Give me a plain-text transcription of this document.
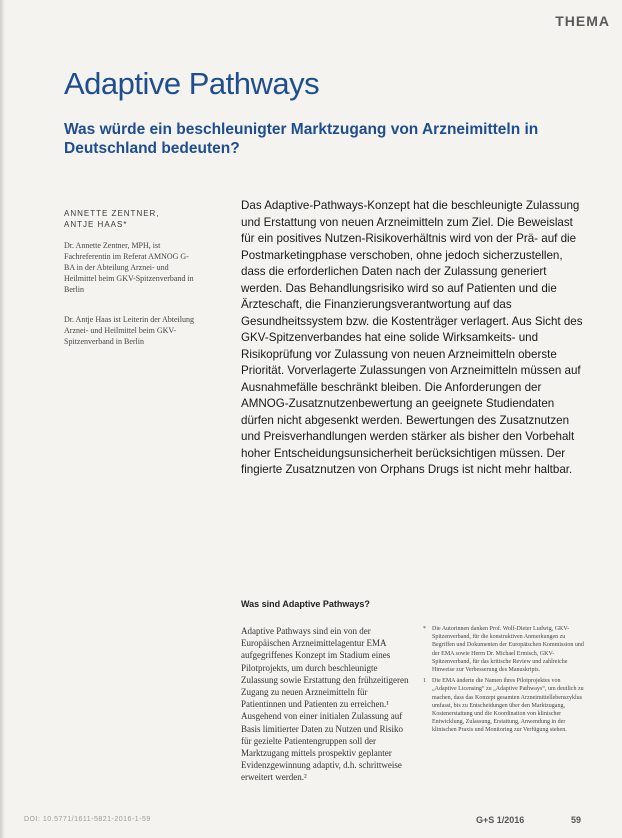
THEMA
Adaptive Pathways
Was würde ein beschleunigter Marktzugang von Arzneimitteln in Deutschland bedeuten?
ANNETTE ZENTNER,
ANTJE HAAS*

Dr. Annette Zentner, MPH, ist Fachreferentin im Referat AMNOG G-BA in der Abteilung Arznei- und Heilmittel beim GKV-Spitzenverband in Berlin

Dr. Antje Haas ist Leiterin der Abteilung Arznei- und Heilmittel beim GKV-Spitzenverband in Berlin

Das Adaptive-Pathways-Konzept hat die beschleunigte Zulassung und Erstattung von neuen Arzneimitteln zum Ziel. Die Beweislast für ein positives Nutzen-Risikoverhältnis wird von der Prä- auf die Postmarketingphase verschoben, ohne jedoch sicherzustellen, dass die erforderlichen Daten nach der Zulassung generiert werden. Das Behandlungsrisiko wird so auf Patienten und die Ärzteschaft, die Finanzierungsverantwortung auf das Gesundheitssystem bzw. die Kostenträger verlagert. Aus Sicht des GKV-Spitzenverbandes hat eine solide Wirksamkeits- und Risikoprüfung vor Zulassung von neuen Arzneimitteln oberste Priorität. Vorverlagerte Zulassungen von Arzneimitteln müssen auf Ausnahmefälle beschränkt bleiben. Die Anforderungen der AMNOG-Zusatznutzenbewertung an geeignete Studiendaten dürfen nicht abgesenkt werden. Bewertungen des Zusatznutzen und Preisverhandlungen werden stärker als bisher den Vorbehalt hoher Entscheidungsunsicherheit berücksichtigen müssen. Der fingierte Zusatznutzen von Orphans Drugs ist nicht mehr haltbar.

Was sind Adaptive Pathways?

Adaptive Pathways sind ein von der Europäischen Arzneimittelagentur EMA aufgegriffenes Konzept im Stadium eines Pilotprojekts, um durch beschleunigte Zulassung sowie Erstattung den frühzeitigeren Zugang zu neuen Arzneimitteln für Patientinnen und Patienten zu erreichen.¹ Ausgehend von einer initialen Zulassung auf Basis limitierter Daten zu Nutzen und Risiko für gezielte Patientengruppen soll der Marktzugang mittels prospektiv geplanter Evidenzgewinnung adaptiv, d.h. schrittweise erweitert werden.²

* Die Autorinnen danken Prof. Wolf-Dieter Ludwig, GKV-Spitzenverband, für die konstruktiven Anmerkungen zu Begriffen und Dokumenten der Europäischen Kommission und der EMA sowie Herrn Dr. Michael Ermisch, GKV-Spitzenverband, für das kritische Review und zahlreiche Hinweise zur Verbesserung des Manuskripts.

1 Die EMA änderte die Namen ihres Pilotprojektes von „Adaptive Licensing“ zu „Adaptive Pathways“, um deutlich zu machen, dass das Konzept gesamten Arzneimittellebenszyklus umfasst, bis zu Entscheidungen über den Marktzugang, Kostenerstattung und die Koordination von klinischer Entwicklung, Zulassung, Erstattung, Anwendung in der klinischen Praxis und Monitoring zur Verfügung stehen.

DOI: 10.5771/1611-5821-2016-1-59	G+S 1/2016	59
